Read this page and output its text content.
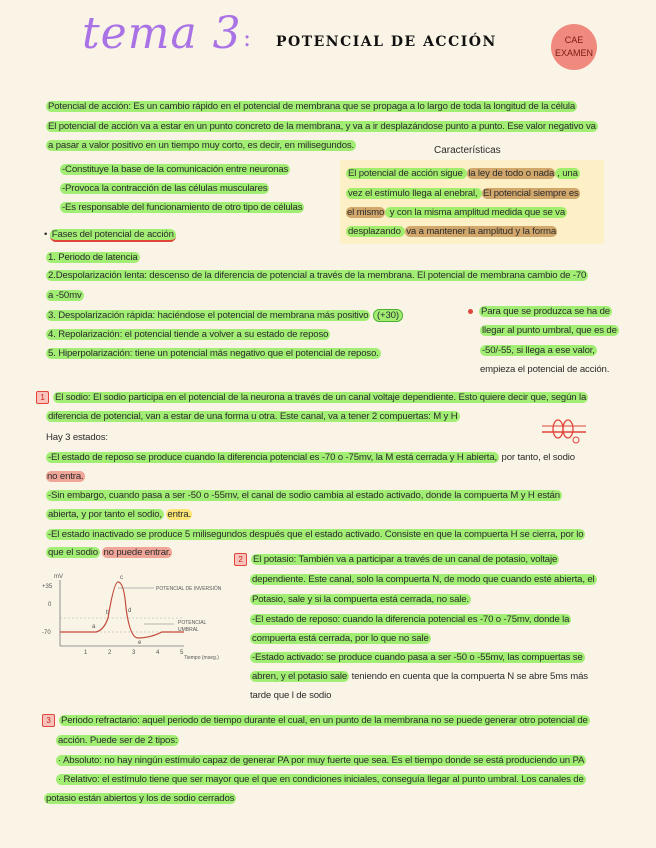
tema 3 : POTENCIAL DE ACCIÓN	CAE
EXAMEN
Potencial de acción: Es un cambio rápido en el potencial de membrana que se propaga a lo largo de toda la longitud de la célula
El potencial de acción va a estar en un punto concreto de la membrana, y va a ir desplazándose punto a punto. Ese valor negativo va
a pasar a valor positivo en un tiempo muy corto, es decir, en milisegundos.
-Constituye la base de la comunicación entre neuronas
-Provoca la contracción de las células musculares
-Es responsable del funcionamiento de otro tipo de células
Características
El potencial de acción sigue la ley de todo o nada , una
vez el estímulo llega al enebral, El potencial siempre es
el mismo y con la misma amplitud medida que se va
desplazando va a mantener la amplitud y la forma
• Fases del potencial de acción
1. Periodo de latencia
2.Despolarización lenta: descenso de la diferencia de potencial a través de la membrana. El potencial de membrana cambio de -70
a -50mv
3. Despolarización rápida: haciéndose el potencial de membrana más positivo (+30)
4. Repolarización: el potencial tiende a volver a su estado de reposo
5. Hiperpolarización: tiene un potencial más negativo que el potencial de reposo.
Para que se produzca se ha de
llegar al punto umbral, que es de
-50/-55, si llega a ese valor,
empieza el potencial de acción.
1 El sodio: El sodio participa en el potencial de la neurona a través de un canal voltaje dependiente. Esto quiere decir que, según la
diferencia de potencial, van a estar de una forma u otra. Este canal, va a tener 2 compuertas: M y H
Hay 3 estados:
-El estado de reposo se produce cuando la diferencia potencial es -70 o -75mv, la M está cerrada y H abierta, por tanto, el sodio
no entra.
-Sin embargo, cuando pasa a ser -50 o -55mv, el canal de sodio cambia al estado activado, donde la compuerta M y H están
abierta, y por tanto el sodio, entra.
-El estado inactivado se produce 5 milisegundos después que el estado activado. Consiste en que la compuerta H se cierra, por lo
que el sodio no puede entrar.
mV
+35
0
-70
POTENCIAL DE INVERSIÓN
POTENCIAL
UMBRAL
a
b
c
d
e
1	2	3	4	5
Tiempo (mseg.)
2 El potasio: También va a participar a través de un canal de potasio, voltaje
dependiente. Este canal, solo la compuerta N, de modo que cuando esté abierta, el
Potasio, sale y si la compuerta está cerrada, no sale.
-El estado de reposo: cuando la diferencia potencial es -70 o -75mv, donde la
compuerta está cerrada, por lo que no sale
-Estado activado: se produce cuando pasa a ser -50 o -55mv, las compuertas se
abren, y el potasio sale teniendo en cuenta que la compuerta N se abre 5ms más
tarde que l de sodio
3 Periodo refractario: aquel periodo de tiempo durante el cual, en un punto de la membrana no se puede generar otro potencial de
acción. Puede ser de 2 tipos:
· Absoluto: no hay ningún estímulo capaz de generar PA por muy fuerte que sea. Es el tiempo donde se está produciendo un PA
· Relativo: el estímulo tiene que ser mayor que el que en condiciones iniciales, conseguía llegar al punto umbral. Los canales de
potasio están abiertos y los de sodio cerrados
